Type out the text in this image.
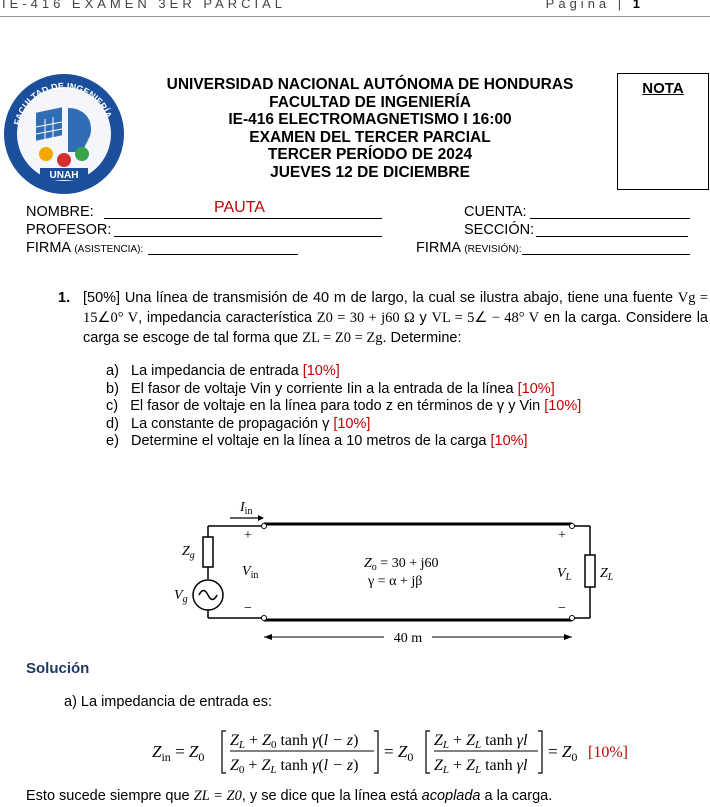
IE-416 EXAMEN 3ER PARCIAL	Página | 1
FACULTAD DE INGENIERÍA
UNAH
UNIVERSIDAD NACIONAL AUTÓNOMA DE HONDURAS
FACULTAD DE INGENIERÍA
IE-416 ELECTROMAGNETISMO I 16:00
EXAMEN DEL TERCER PARCIAL
TERCER PERÍODO DE 2024
JUEVES 12 DE DICIEMBRE
NOTA
NOMBRE:	PAUTA
PROFESOR:
FIRMA (ASISTENCIA):
CUENTA:
SECCIÓN:
FIRMA (REVISIÓN):
1. [50%] Una línea de transmisión de 40 m de largo, la cual se ilustra abajo, tiene una fuente Vg = 15∠0° V, impedancia característica Z0 = 30 + j60 Ω y VL = 5∠ − 48° V en la carga. Considere la carga se escoge de tal forma que ZL = Z0 = Zg. Determine:
a) La impedancia de entrada [10%]
b) El fasor de voltaje Vin y corriente Iin a la entrada de la línea [10%]
c) El fasor de voltaje en la línea para todo z en términos de γ y Vin [10%]
d) La constante de propagación γ [10%]
e) Determine el voltaje en la línea a 10 metros de la carga [10%]
$I_{in}$
$Z_g$
$V_g$
+
$V_{in}$
−
$Z_o = 30 + j60$
γ = α + jβ
+
$V_L$
−
$Z_L$
40 m
Solución
a) La impedancia de entrada es:
$Z_{in} = Z_0$
ZL + Z0 tanh γ(l − z)
Z0 + ZL tanh γ(l − z)
= $Z_0$
ZL + ZL tanh γl
ZL + ZL tanh γl
= $Z_0$ [10%]
Esto sucede siempre que ZL = Z0, y se dice que la línea está acoplada a la carga.
